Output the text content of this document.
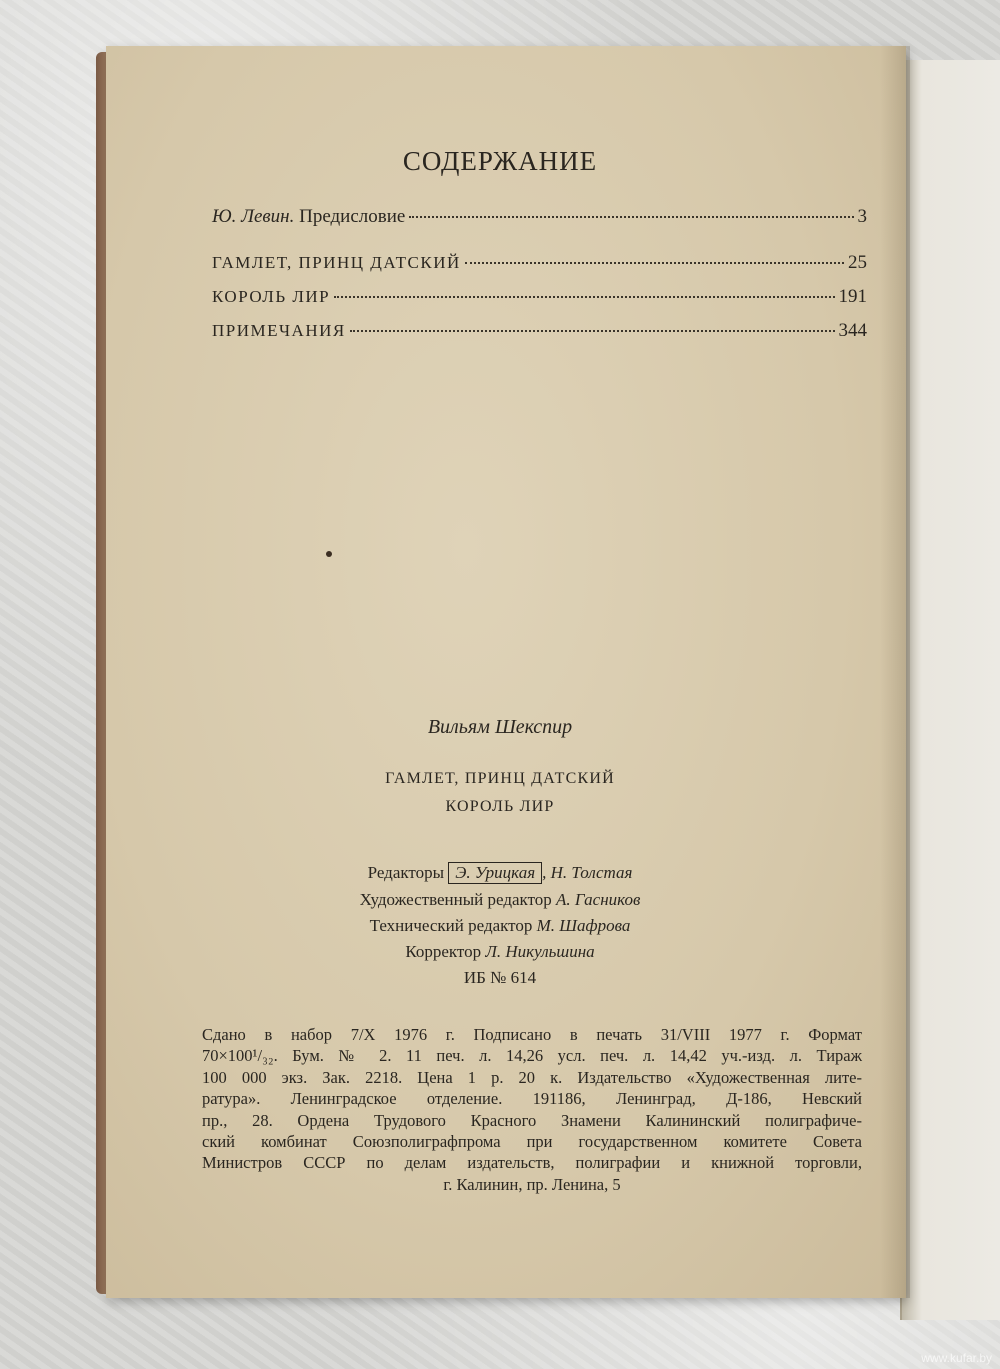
СОДЕРЖАНИЕ
Ю. Левин. Предисловие	3
ГАМЛЕТ, ПРИНЦ ДАТСКИЙ	25
КОРОЛЬ ЛИР	191
ПРИМЕЧАНИЯ	344
Вильям Шекспир
ГАМЛЕТ, ПРИНЦ ДАТСКИЙ
КОРОЛЬ ЛИР
Редакторы Э. Урицкая , Н. Толстая
Художественный редактор А. Гасников
Технический редактор М. Шафрова
Корректор Л. Никульшина
ИБ № 614
Сдано в набор 7/Х 1976 г. Подписано в печать 31/VIII 1977 г. Формат
70×100¹/₃₂. Бум. № 2. 11 печ. л. 14,26 усл. печ. л. 14,42 уч.-изд. л. Тираж
100 000 экз. Зак. 2218. Цена 1 р. 20 к. Издательство «Художественная лите-
ратура». Ленинградское отделение. 191186, Ленинград, Д-186, Невский
пр., 28. Ордена Трудового Красного Знамени Калининский полиграфиче-
ский комбинат Союзполиграфпрома при государственном комитете Совета
Министров СССР по делам издательств, полиграфии и книжной торговли,
г. Калинин, пр. Ленина, 5
www.kufar.by
